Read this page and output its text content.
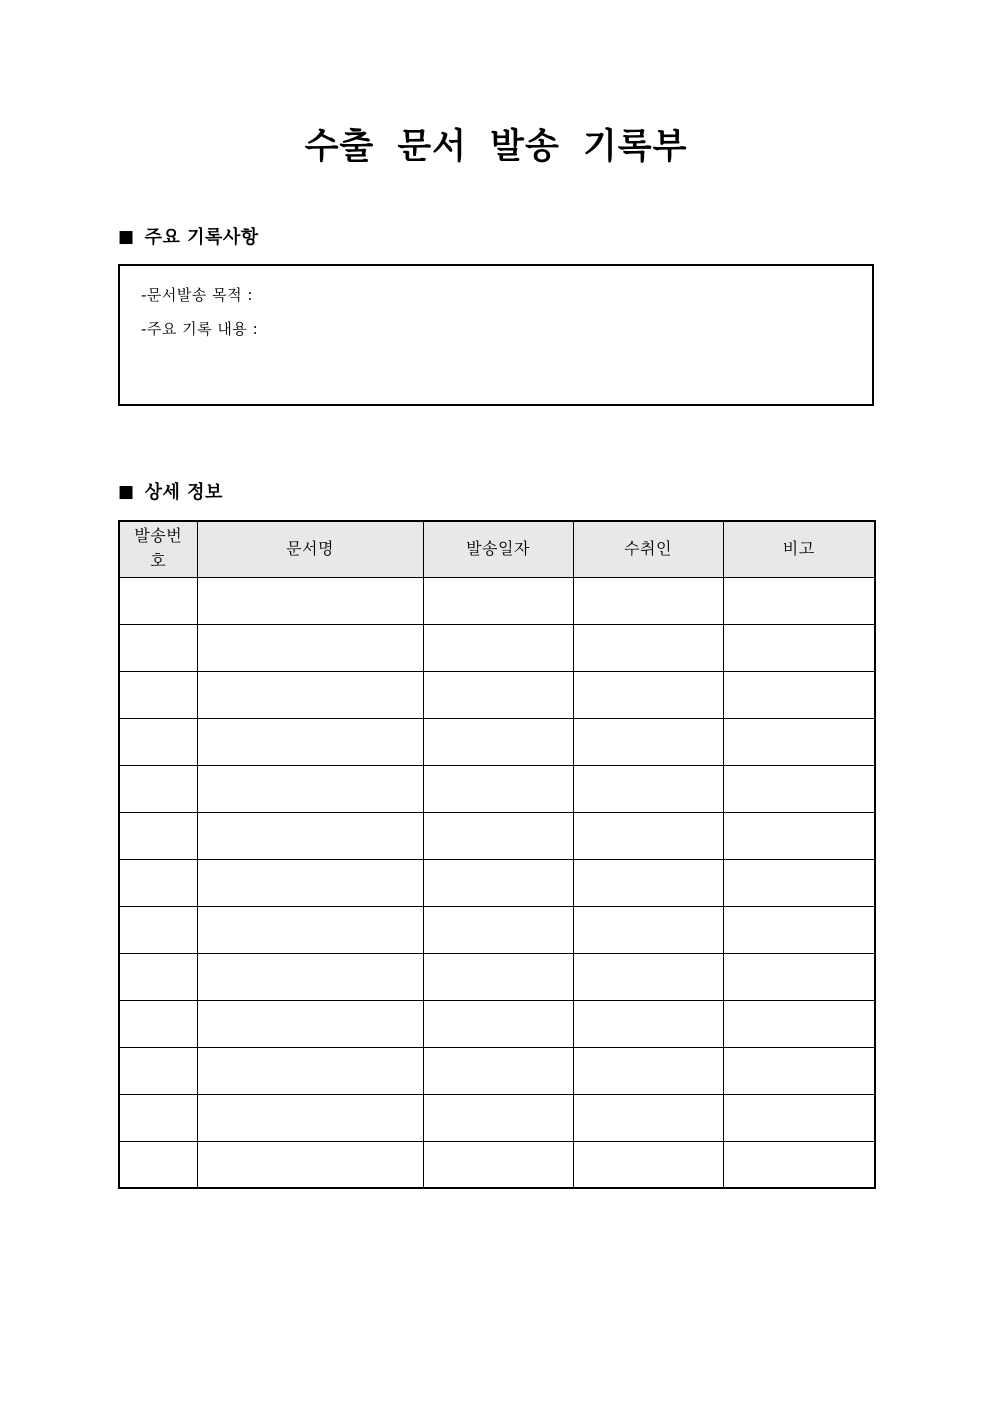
수출 문서 발송 기록부
■ 주요 기록사항
-문서발송 목적 :
-주요 기록 내용 :
■ 상세 정보
발송번호	문서명	발송일자	수취인	비고
